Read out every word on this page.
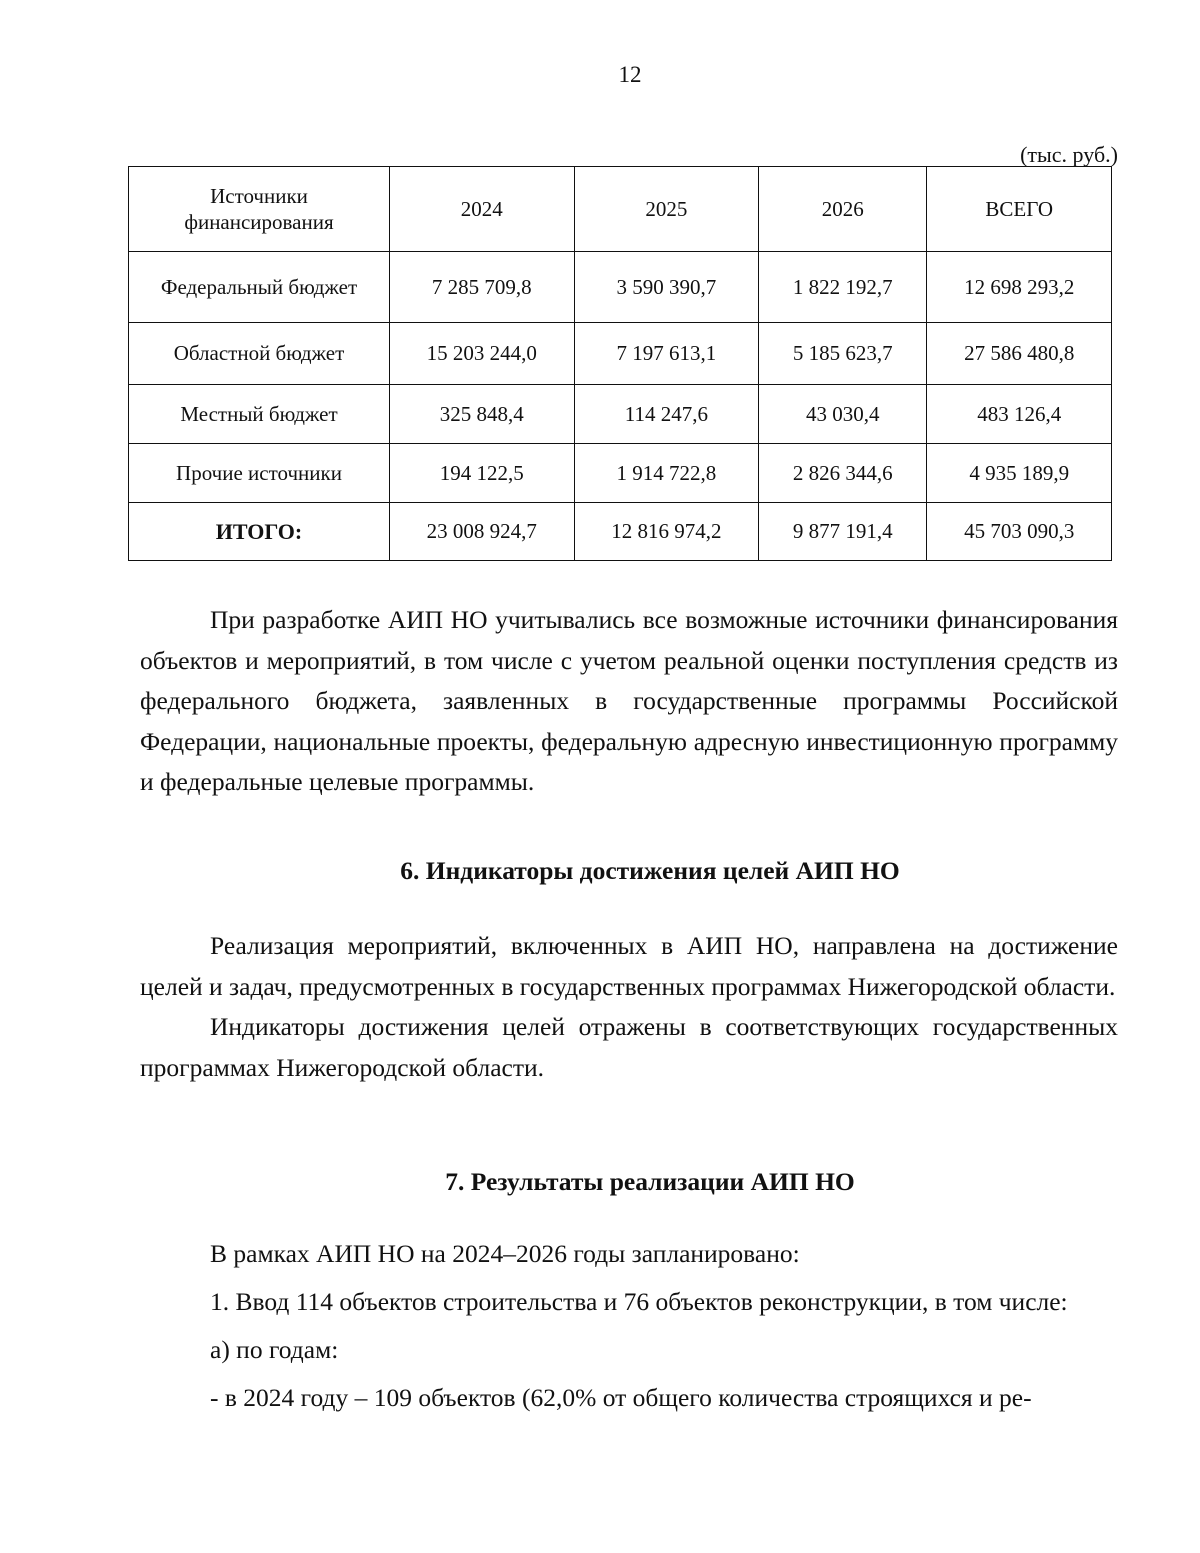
12
(тыс. руб.)
Источники финансирования	2024	2025	2026	ВСЕГО
Федеральный бюджет	7 285 709,8	3 590 390,7	1 822 192,7	12 698 293,2
Областной бюджет	15 203 244,0	7 197 613,1	5 185 623,7	27 586 480,8
Местный бюджет	325 848,4	114 247,6	43 030,4	483 126,4
Прочие источники	194 122,5	1 914 722,8	2 826 344,6	4 935 189,9
ИТОГО:	23 008 924,7	12 816 974,2	9 877 191,4	45 703 090,3

При разработке АИП НО учитывались все возможные источники финансирования объектов и мероприятий, в том числе с учетом реальной оценки поступления средств из федерального бюджета, заявленных в государственные программы Российской Федерации, национальные проекты, федеральную адресную инвестиционную программу и федеральные целевые программы.

6. Индикаторы достижения целей АИП НО

Реализация мероприятий, включенных в АИП НО, направлена на достижение целей и задач, предусмотренных в государственных программах Нижегородской области.

Индикаторы достижения целей отражены в соответствующих государственных программах Нижегородской области.

7. Результаты реализации АИП НО

В рамках АИП НО на 2024–2026 годы запланировано:

1. Ввод 114 объектов строительства и 76 объектов реконструкции, в том числе:

а) по годам:

- в 2024 году – 109 объектов (62,0% от общего количества строящихся и ре-
